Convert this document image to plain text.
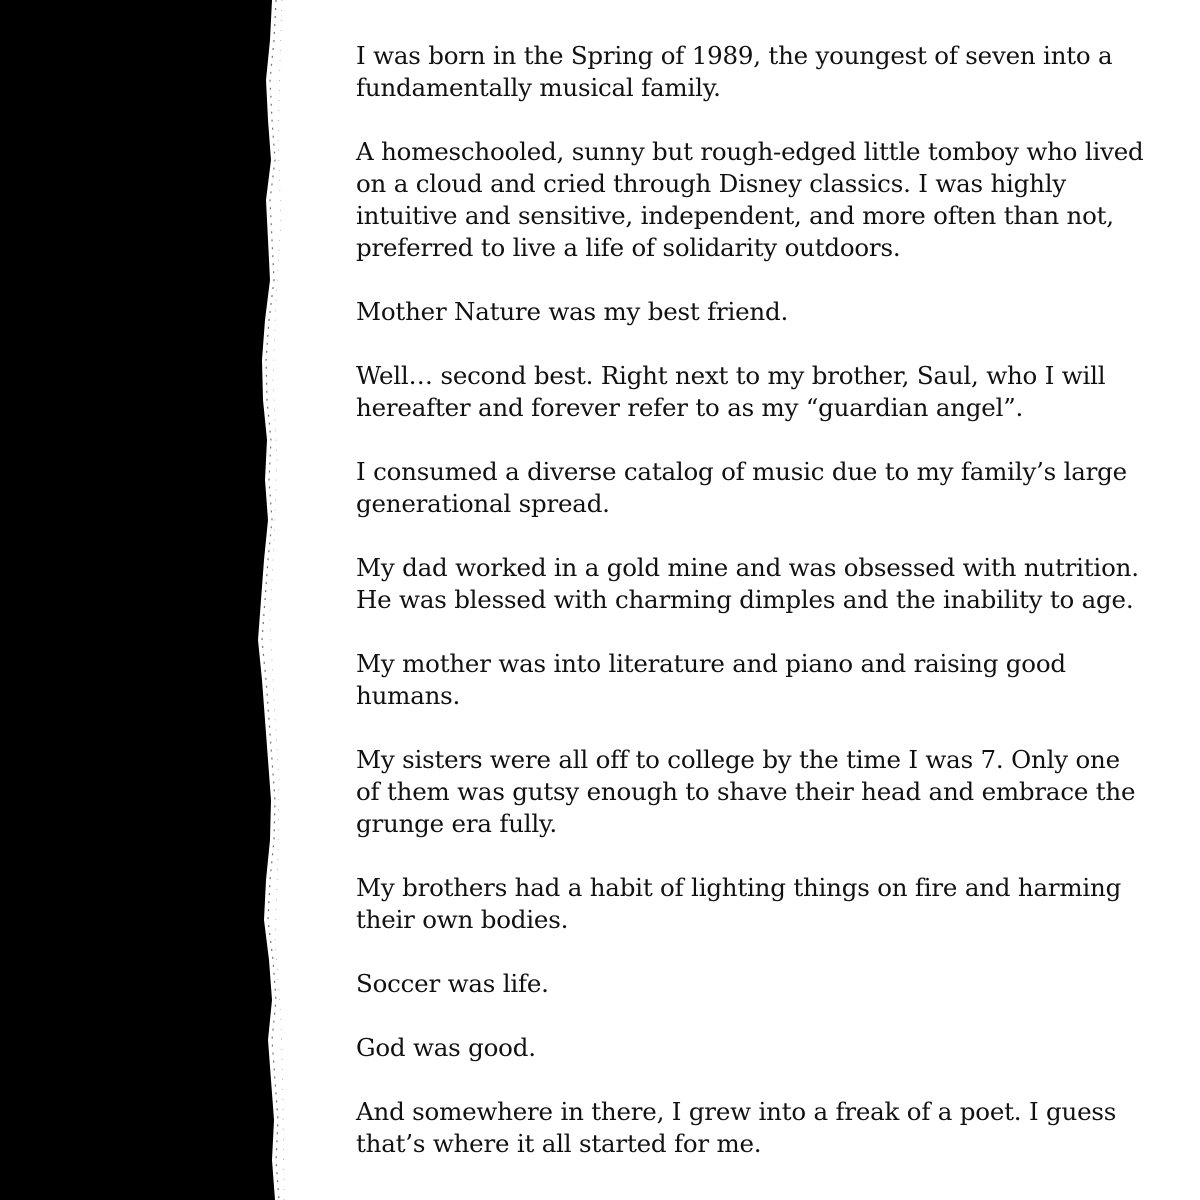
I was born in the Spring of 1989, the youngest of seven into a fundamentally musical family.

A homeschooled, sunny but rough-edged little tomboy who lived on a cloud and cried through Disney classics. I was highly intuitive and sensitive, independent, and more often than not, preferred to live a life of solidarity outdoors.

Mother Nature was my best friend.

Well… second best. Right next to my brother, Saul, who I will hereafter and forever refer to as my “guardian angel”.

I consumed a diverse catalog of music due to my family’s large generational spread.

My dad worked in a gold mine and was obsessed with nutrition. He was blessed with charming dimples and the inability to age.

My mother was into literature and piano and raising good humans.

My sisters were all off to college by the time I was 7. Only one of them was gutsy enough to shave their head and embrace the grunge era fully.

My brothers had a habit of lighting things on fire and harming their own bodies.

Soccer was life.

God was good.

And somewhere in there, I grew into a freak of a poet. I guess that’s where it all started for me.
